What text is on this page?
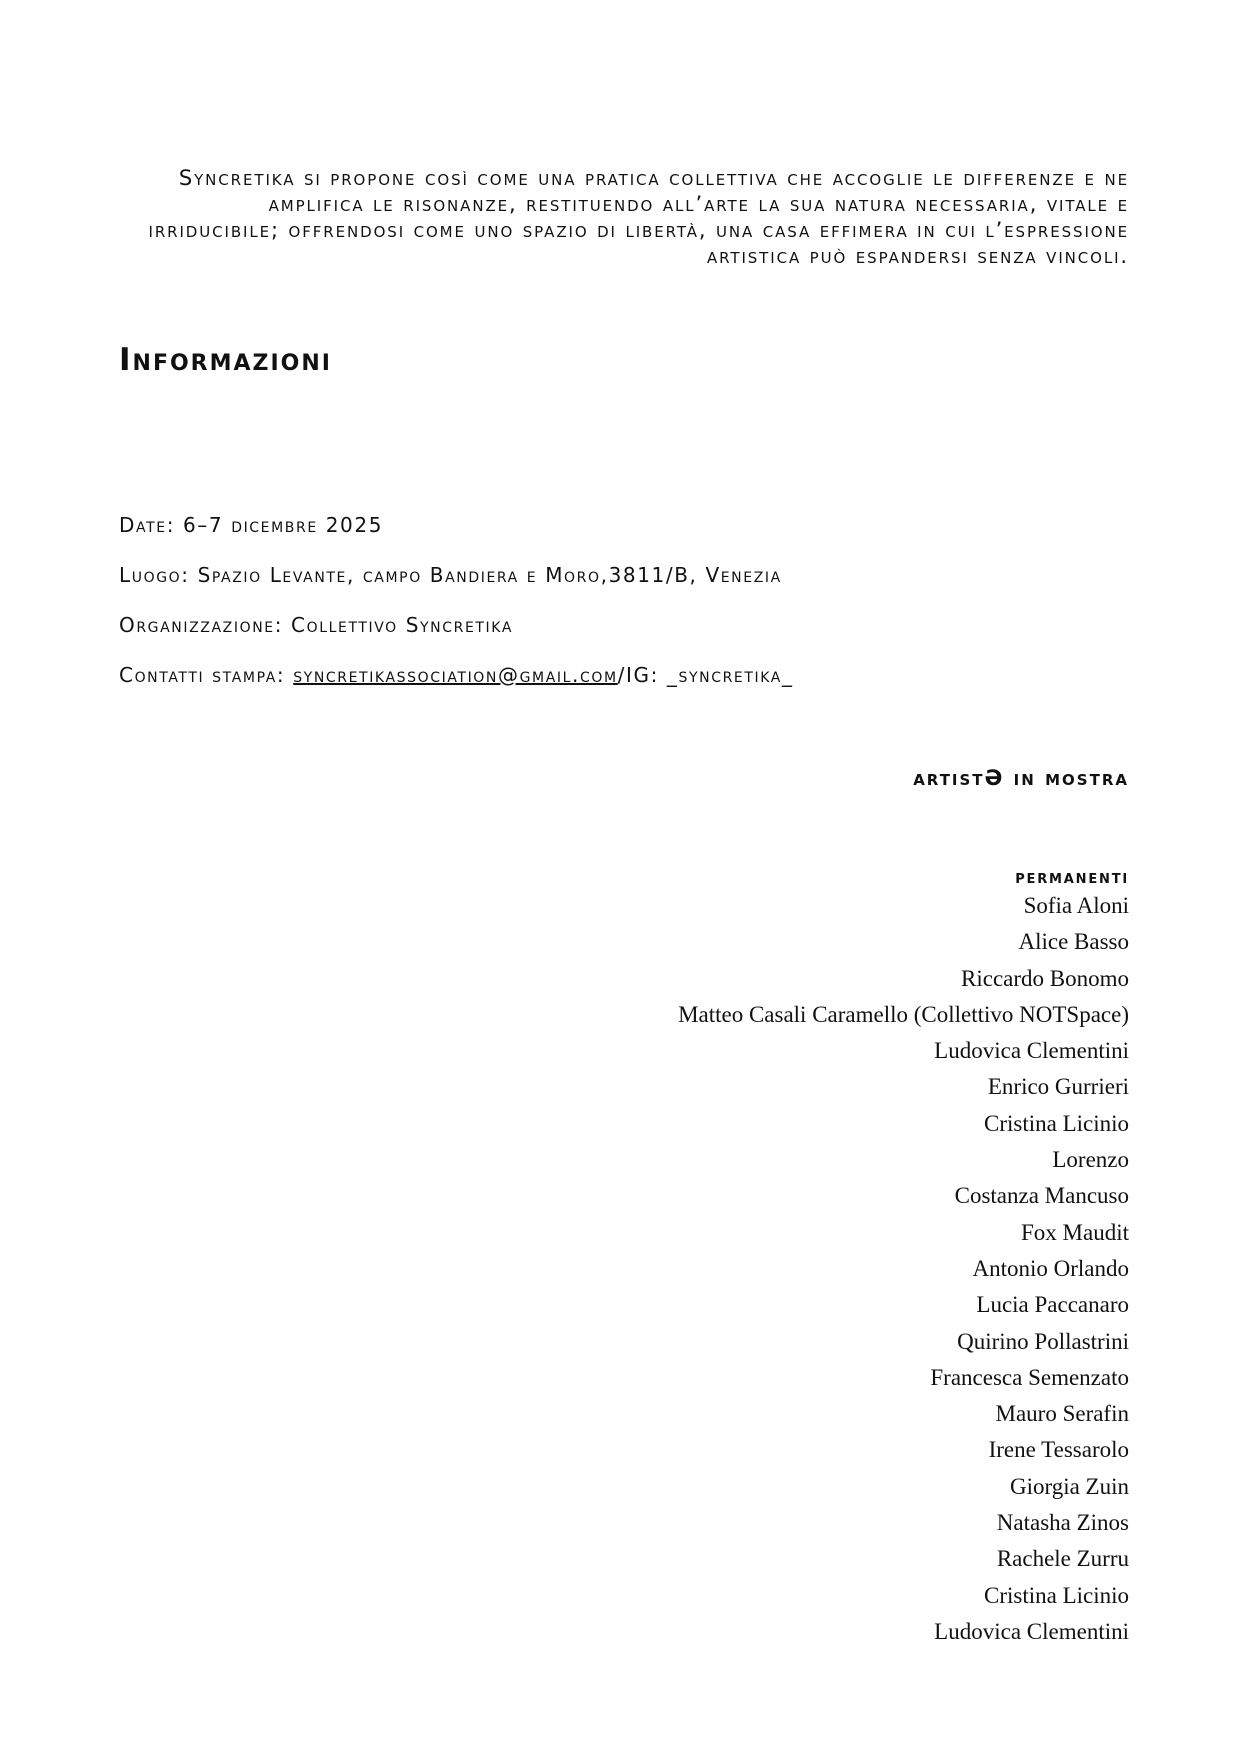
Syncretika si propone così come una pratica collettiva che accoglie le differenze e ne amplifica le risonanze, restituendo all’arte la sua natura necessaria, vitale e irriducibile; offrendosi come uno spazio di libertà, una casa effimera in cui l’espressione artistica può espandersi senza vincoli.

Informazioni

Date: 6–7 dicembre 2025

Luogo: Spazio Levante, campo Bandiera e Moro,3811/B, Venezia

Organizzazione: Collettivo Syncretika

Contatti stampa: syncretikassociation@gmail.com/IG: _syncretika_

artistƏ in mostra
permanenti
Sofia Aloni
Alice Basso
Riccardo Bonomo
Matteo Casali Caramello (Collettivo NOTSpace)
Ludovica Clementini
Enrico Gurrieri
Cristina Licinio
Lorenzo
Costanza Mancuso
Fox Maudit
Antonio Orlando
Lucia Paccanaro
Quirino Pollastrini
Francesca Semenzato
Mauro Serafin
Irene Tessarolo
Giorgia Zuin
Natasha Zinos
Rachele Zurru
Cristina Licinio
Ludovica Clementini
